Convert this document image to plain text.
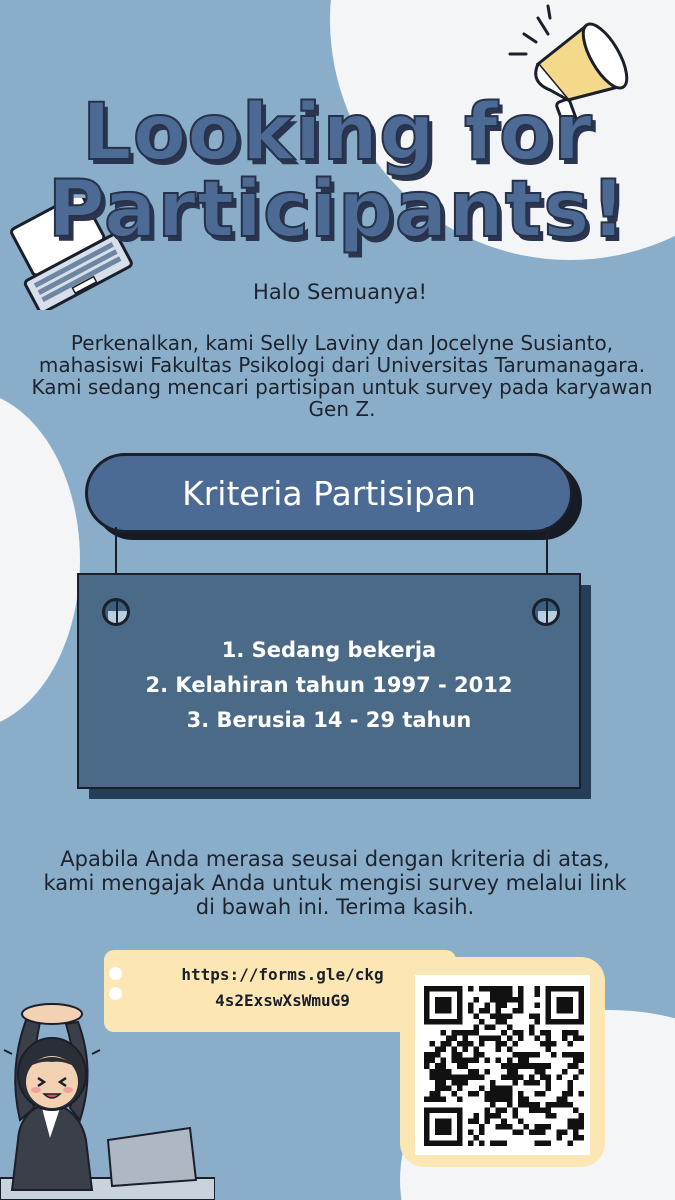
Looking for
Participants!
Halo Semuanya!
Perkenalkan, kami Selly Laviny dan Jocelyne Susianto, mahasiswi Fakultas Psikologi dari Universitas Tarumanagara. Kami sedang mencari partisipan untuk survey pada karyawan Gen Z.
Kriteria Partisipan
1. Sedang bekerja
2. Kelahiran tahun 1997 - 2012
3. Berusia 14 - 29 tahun
Apabila Anda merasa seusai dengan kriteria di atas, kami mengajak Anda untuk mengisi survey melalui link di bawah ini. Terima kasih.
https://forms.gle/ckg
4s2ExswXsWmuG9
